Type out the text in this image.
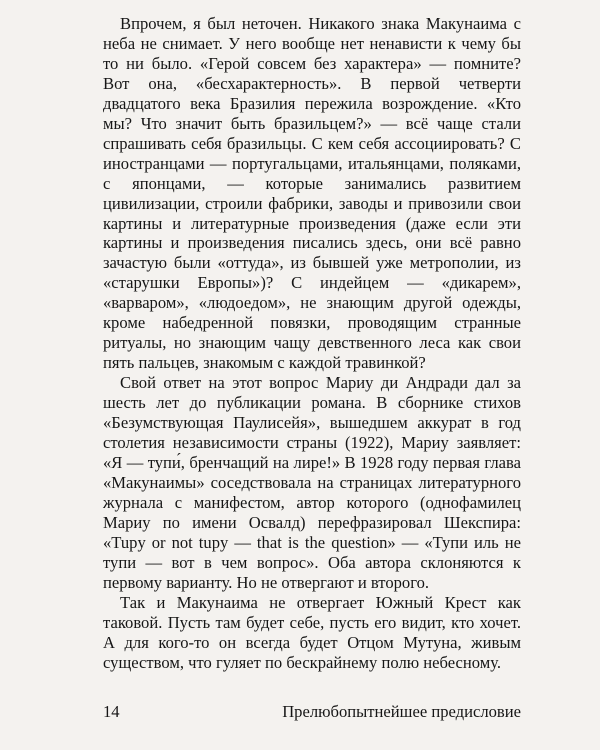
Впрочем, я был неточен. Никакого знака Макунаима с неба не снимает. У него вообще нет ненависти к чему бы то ни было. «Герой совсем без характера» — помните? Вот она, «бесхарактерность». В первой четверти двадцатого века Бразилия пережила возрождение. «Кто мы? Что значит быть бразильцем?» — всё чаще стали спрашивать себя бразильцы. С кем себя ассоциировать? С иностранцами — португальцами, итальянцами, поляками, с японцами, — которые занимались развитием цивилизации, строили фабрики, заводы и привозили свои картины и литературные произведения (даже если эти картины и произведения писались здесь, они всё равно зачастую были «оттуда», из бывшей уже метрополии, из «старушки Европы»)? С индейцем — «дикарем», «варваром», «людоедом», не знающим другой одежды, кроме набедренной повязки, проводящим странные ритуалы, но знающим чащу девственного леса как свои пять пальцев, знакомым с каждой травинкой?

Свой ответ на этот вопрос Мариу ди Андради дал за шесть лет до публикации романа. В сборнике стихов «Безумствующая Паулисейя», вышедшем аккурат в год столетия независимости страны (1922), Мариу заявляет: «Я — тупи́, бренчащий на лире!» В 1928 году первая глава «Макунаимы» соседствовала на страницах литературного журнала с манифестом, автор которого (однофамилец Мариу по имени Освалд) перефразировал Шекспира: «Tupy or not tupy — that is the question» — «Тупи иль не тупи — вот в чем вопрос». Оба автора склоняются к первому варианту. Но не отвергают и второго.

Так и Макунаима не отвергает Южный Крест как таковой. Пусть там будет себе, пусть его видит, кто хочет. А для кого-то он всегда будет Отцом Мутуна, живым существом, что гуляет по бескрайнему полю небесному.

14	Прелюбопытнейшее предисловие
